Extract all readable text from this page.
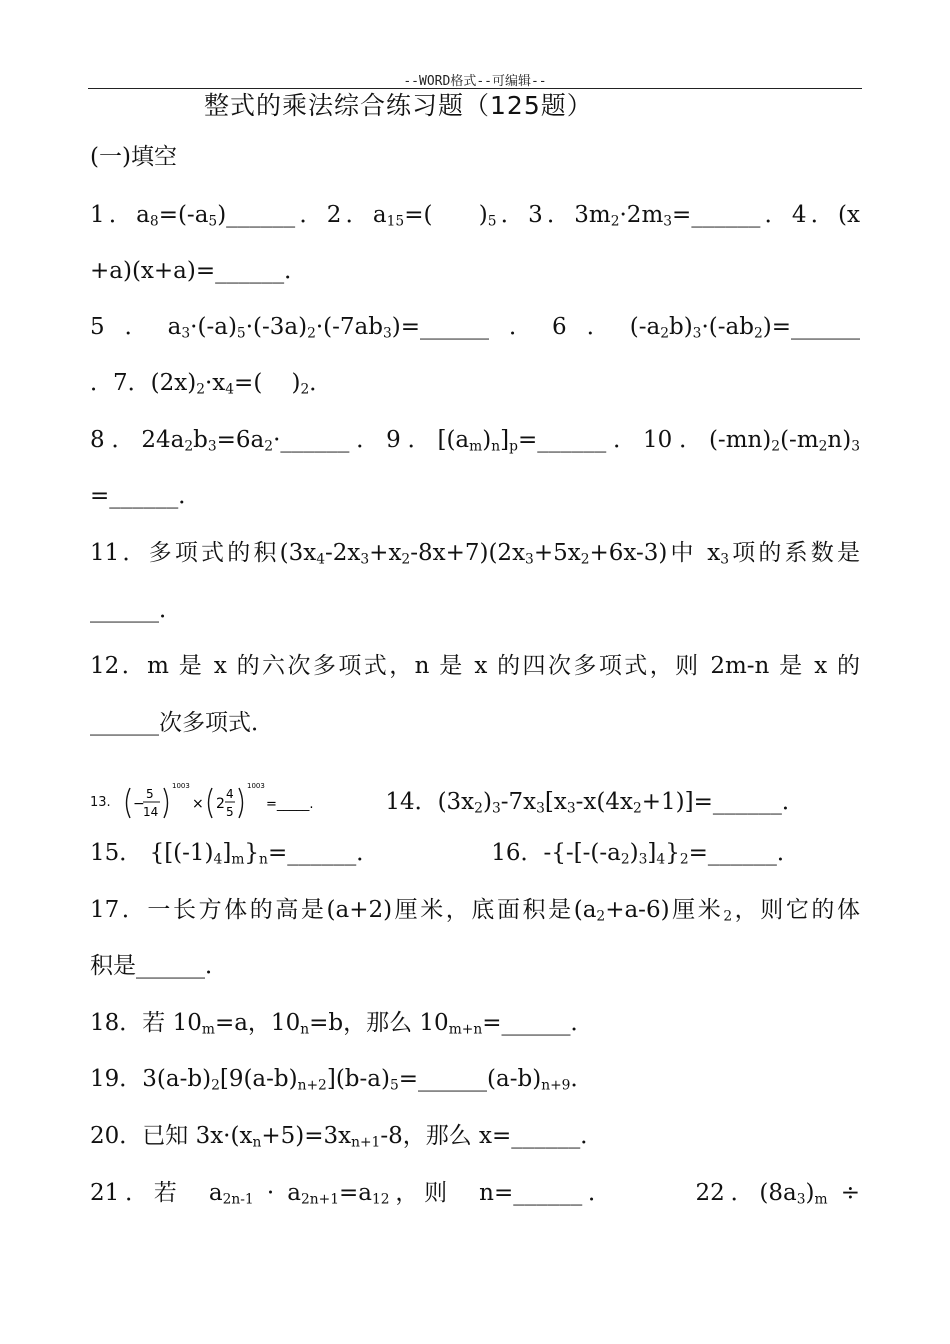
--WORD格式--可编辑--
整式的乘法综合练习题（125题）
(一)填空
1．$a_8=(-a_5)\_\_\_\_\_\_$．2．$a_{15}=$(    )$_5$．3．$3m_2\cdot 2m_3=\_\_\_\_\_\_$．4．(x
+a)(x+a)=______．
5．$a_3\cdot(-a)_5\cdot(-3a)_2\cdot(-7ab_3)=\_\_\_\_\_\_$．6．$(-a_2b)_3\cdot(-ab_2)=\_\_\_\_\_\_$
．7．$(2x)_2\cdot x_4=$(    )$_2$．
8．$24a_2b_3=6a_2\cdot\_\_\_\_\_\_$．9．$[(a_m)_n]_p=\_\_\_\_\_\_$．10．$(-mn)_2(-m_2n)_3$
=______．
11．多项式的积$(3x_4-2x_3+x_2-8x+7)(2x_3+5x_2+6x-3)$中 $x_3$项的系数是
______．
12．m 是 x 的六次多项式，n 是 x 的四次多项式，则 2m-n 是 x 的
______次多项式．
13. −
5
14
1003
× 2
4
5
1003
=_____.	14．$(3x_2)_3-7x_3[x_3-x(4x_2+1)]=\_\_\_\_\_\_$．
15． $\{[(-1)_4]_m\}_n=\_\_\_\_\_\_$．	16．$-\{-[-(-a_2)_3]_4\}_2=\_\_\_\_\_\_$．
17．一长方体的高是(a+2)厘米，底面积是$(a_2+a-6)$厘米$_2$，则它的体
积是______．
18．若 $10_m=a$，$10_n=b$，那么 $10_{m+n}=\_\_\_\_\_\_$．
19．$3(a-b)_2[9(a-b)_{n+2}](b-a)_5=\_\_\_\_\_\_(a-b)_{n+9}$．
20．已知 $3x\cdot(x_n+5)=3x_{n+1}-8$，那么 x=______．
21．若  $a_{2n-1} \cdot a_{2n+1}=a_{12}$，则  n=______．      22．$(8a_3)_m$ ÷
